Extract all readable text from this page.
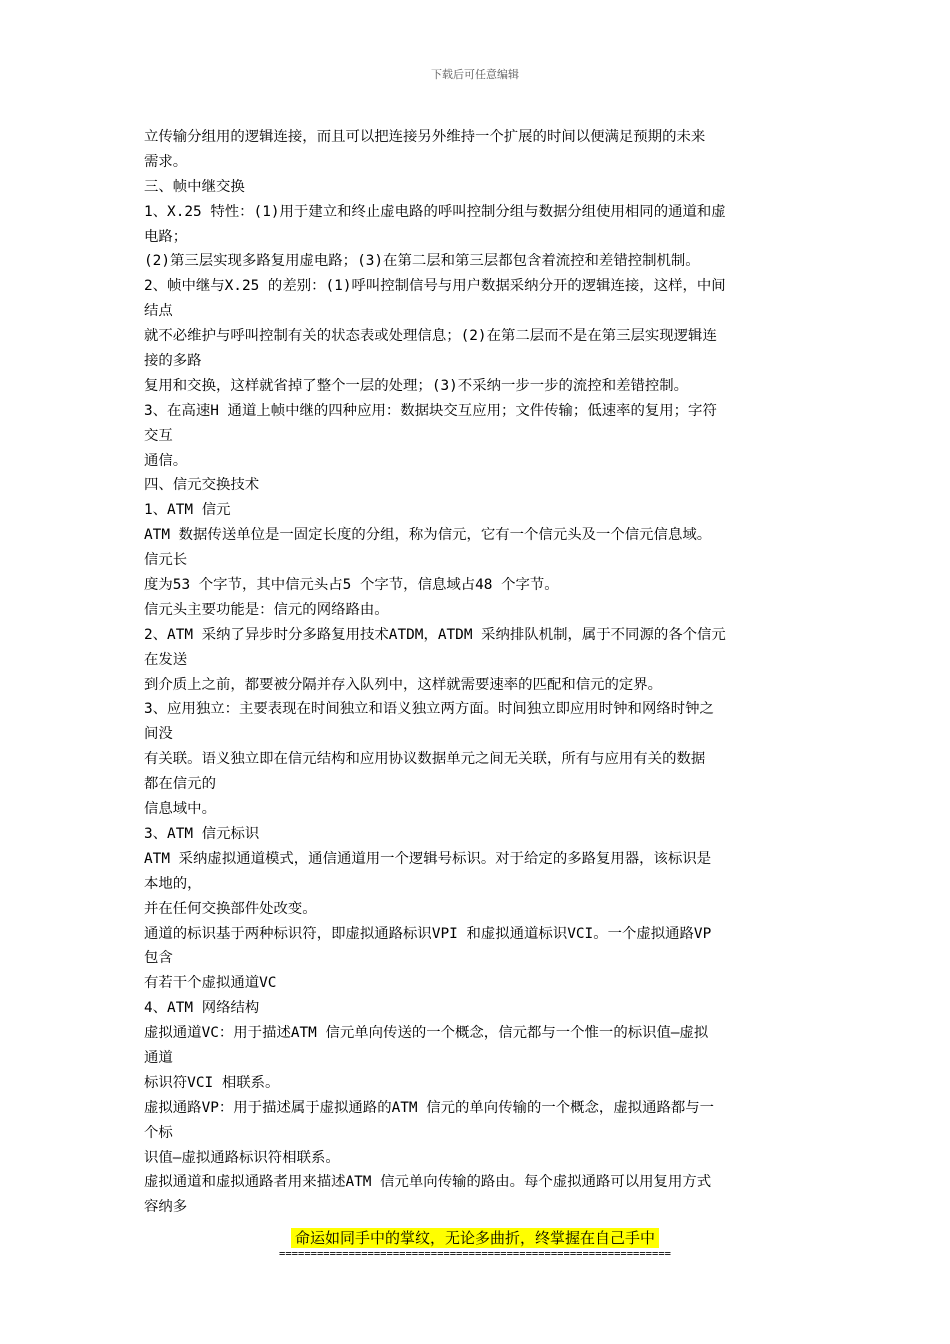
下载后可任意编辑
立传输分组用的逻辑连接，而且可以把连接另外维持一个扩展的时间以便满足预期的未来
需求。
三、帧中继交换
1、X.25 特性：(1)用于建立和终止虚电路的呼叫控制分组与数据分组使用相同的通道和虚
电路；
(2)第三层实现多路复用虚电路；(3)在第二层和第三层都包含着流控和差错控制机制。
2、帧中继与X.25 的差别：(1)呼叫控制信号与用户数据采纳分开的逻辑连接，这样，中间
结点
就不必维护与呼叫控制有关的状态表或处理信息；(2)在第二层而不是在第三层实现逻辑连
接的多路
复用和交换，这样就省掉了整个一层的处理；(3)不采纳一步一步的流控和差错控制。
3、在高速H 通道上帧中继的四种应用：数据块交互应用；文件传输；低速率的复用；字符
交互
通信。
四、信元交换技术
1、ATM 信元
ATM 数据传送单位是一固定长度的分组，称为信元，它有一个信元头及一个信元信息域。
信元长
度为53 个字节，其中信元头占5 个字节，信息域占48 个字节。
信元头主要功能是：信元的网络路由。
2、ATM 采纳了异步时分多路复用技术ATDM，ATDM 采纳排队机制，属于不同源的各个信元
在发送
到介质上之前，都要被分隔并存入队列中，这样就需要速率的匹配和信元的定界。
3、应用独立：主要表现在时间独立和语义独立两方面。时间独立即应用时钟和网络时钟之
间没
有关联。语义独立即在信元结构和应用协议数据单元之间无关联，所有与应用有关的数据
都在信元的
信息域中。
3、ATM 信元标识
ATM 采纳虚拟通道模式，通信通道用一个逻辑号标识。对于给定的多路复用器，该标识是
本地的，
并在任何交换部件处改变。
通道的标识基于两种标识符，即虚拟通路标识VPI 和虚拟通道标识VCI。一个虚拟通路VP
包含
有若干个虚拟通道VC
4、ATM 网络结构
虚拟通道VC：用于描述ATM 信元单向传送的一个概念，信元都与一个惟一的标识值—虚拟
通道
标识符VCI 相联系。
虚拟通路VP：用于描述属于虚拟通路的ATM 信元的单向传输的一个概念，虚拟通路都与一
个标
识值—虚拟通路标识符相联系。
虚拟通道和虚拟通路者用来描述ATM 信元单向传输的路由。每个虚拟通路可以用复用方式
容纳多
命运如同手中的掌纹，无论多曲折，终掌握在自己手中
==============================================================
